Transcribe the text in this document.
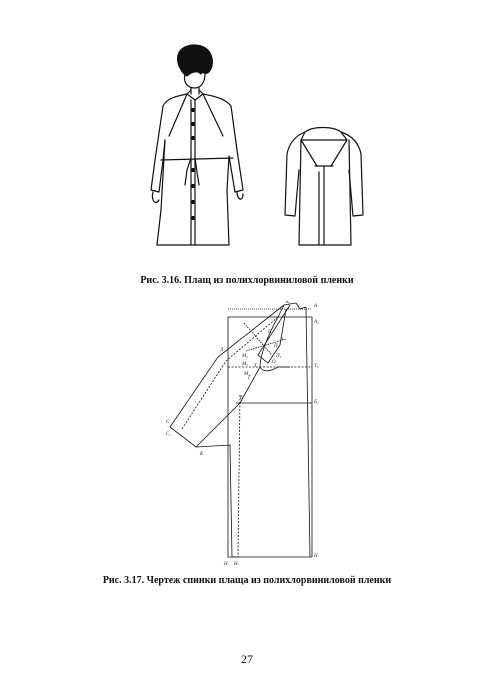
Рис. 3.16. Плащ из полихлорвиниловой пленки
А
А₁
а₀
Л
П
П₁
П₂
Т	Т₁
Г
Б
Б₁
Н
Н₁ Н₂
С
С₁
К
Р
О
М₂
М₃
М₄
Рис. 3.17. Чертеж спинки плаща из полихлорвиниловой пленки
27
